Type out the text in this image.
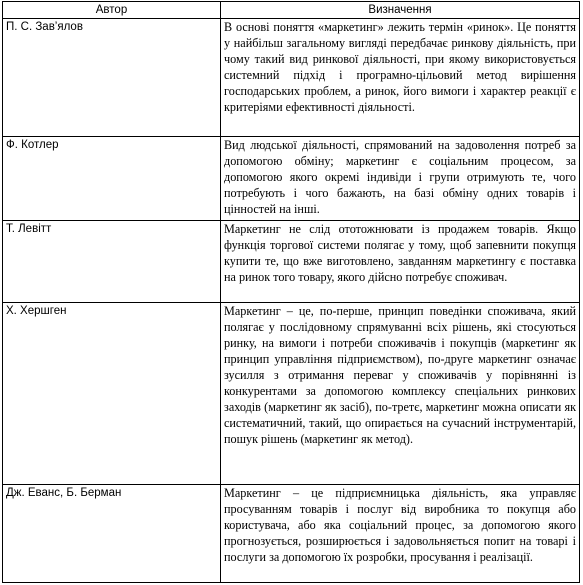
Автор	Визначення
П. С. Зав’ялов	В основі поняття «маркетинг» лежить термін «ринок». Це поняття у найбільш загальному вигляді передбачає ринкову діяльність, при чому такий вид ринкової діяльності, при якому використовується системний підхід і програмно-цільовий метод вирішення господарських проблем, а ринок, його вимоги і характер реакції є критеріями ефективності діяльності.
Ф. Котлер	Вид людської діяльності, спрямований на задоволення потреб за допомогою обміну; маркетинг є соціальним процесом, за допомогою якого окремі індивіди і групи отримують те, чого потребують і чого бажають, на базі обміну одних товарів і цінностей на інші.
Т. Левітт	Маркетинг не слід ототожнювати із продажем товарів. Якщо функція торгової системи полягає у тому, щоб запевнити покупця купити те, що вже виготовлено, завданням маркетингу є поставка на ринок того товару, якого дійсно потребує споживач.
Х. Хершген	Маркетинг – це, по-перше, принцип поведінки споживача, який полягає у послідовному спрямуванні всіх рішень, які стосуються ринку, на вимоги і потреби споживачів і покупців (маркетинг як принцип управління підприємством), по-друге маркетинг означає зусилля з отримання переваг у споживачів у порівнянні із конкурентами за допомогою комплексу спеціальних ринкових заходів (маркетинг як засіб), по-третє, маркетинг можна описати як систематичний, такий, що опирається на сучасний інструментарій, пошук рішень (маркетинг як метод).
Дж. Еванс, Б. Берман	Маркетинг – це підприємницька діяльність, яка управляє просуванням товарів і послуг від виробника то покупця або користувача, або яка соціальний процес, за допомогою якого прогнозується, розширюється і задовольняється попит на товарі і послуги за допомогою їх розробки, просування і реалізації.
